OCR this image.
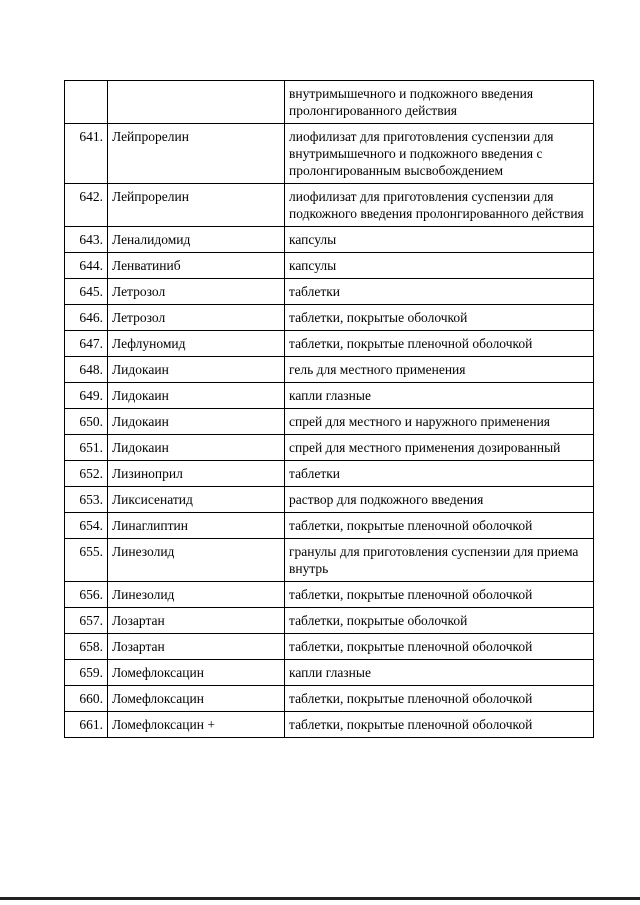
		внутримышечного и подкожного введения пролонгированного действия
641.	Лейпрорелин	лиофилизат для приготовления суспензии для внутримышечного и подкожного введения с пролонгированным высвобождением
642.	Лейпрорелин	лиофилизат для приготовления суспензии для подкожного введения пролонгированного действия
643.	Леналидомид	капсулы
644.	Ленватиниб	капсулы
645.	Летрозол	таблетки
646.	Летрозол	таблетки, покрытые оболочкой
647.	Лефлуномид	таблетки, покрытые пленочной оболочкой
648.	Лидокаин	гель для местного применения
649.	Лидокаин	капли глазные
650.	Лидокаин	спрей для местного и наружного применения
651.	Лидокаин	спрей для местного применения дозированный
652.	Лизиноприл	таблетки
653.	Ликсисенатид	раствор для подкожного введения
654.	Линаглиптин	таблетки, покрытые пленочной оболочкой
655.	Линезолид	гранулы для приготовления суспензии для приема внутрь
656.	Линезолид	таблетки, покрытые пленочной оболочкой
657.	Лозартан	таблетки, покрытые оболочкой
658.	Лозартан	таблетки, покрытые пленочной оболочкой
659.	Ломефлоксацин	капли глазные
660.	Ломефлоксацин	таблетки, покрытые пленочной оболочкой
661.	Ломефлоксацин +	таблетки, покрытые пленочной оболочкой
